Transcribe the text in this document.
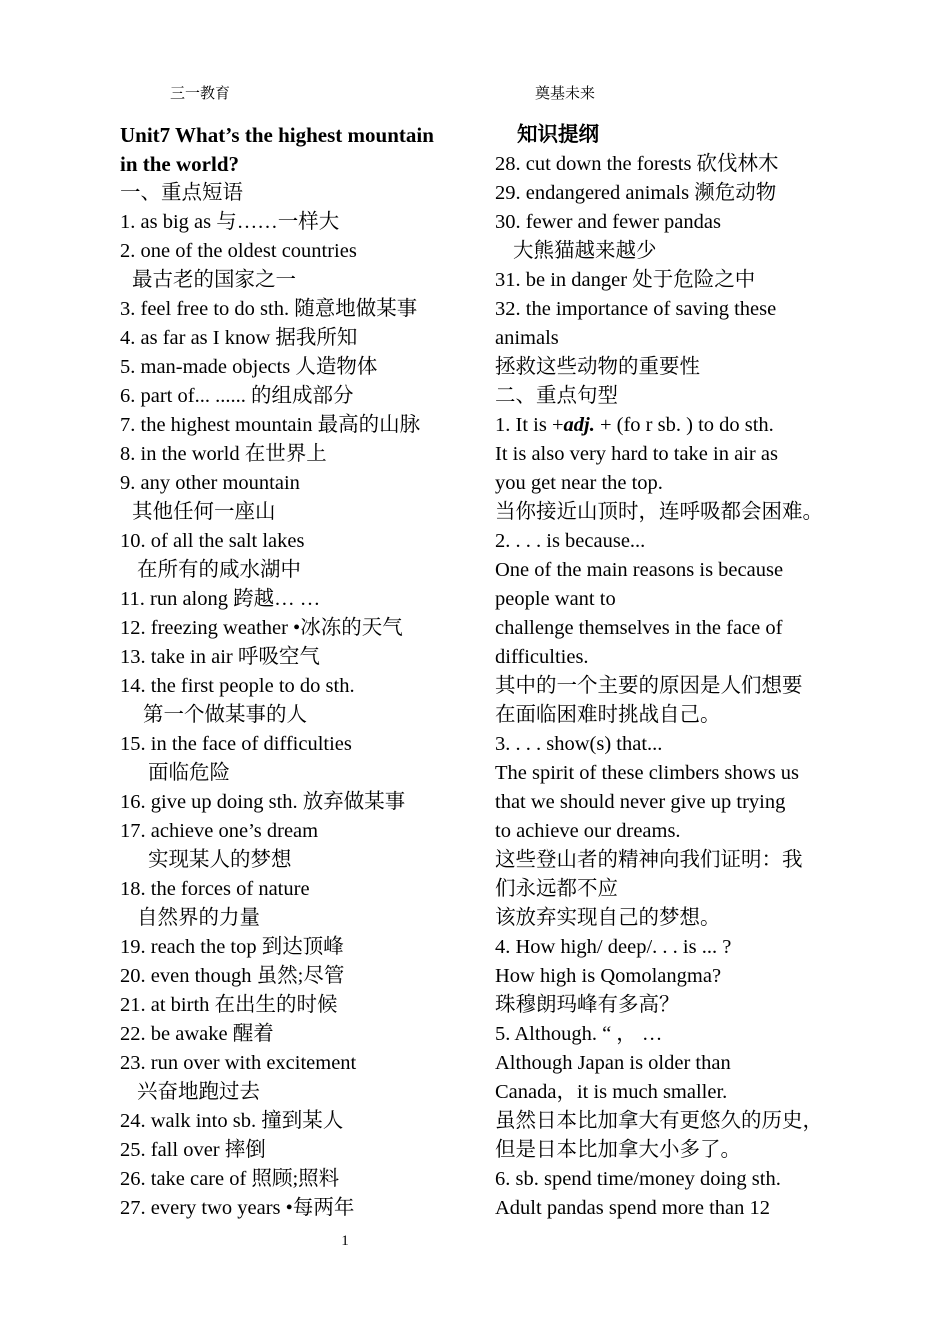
三一教育	奠基未来
Unit7 What’s the highest mountain
in the world?
一、重点短语
1. as big as 与……一样大
2. one of the oldest countries
最古老的国家之一
3. feel free to do sth. 随意地做某事
4. as far as I know 据我所知
5. man-made objects 人造物体
6. part of... ...... 的组成部分
7. the highest mountain 最高的山脉
8. in the world 在世界上
9. any other mountain
其他任何一座山
10. of all the salt lakes
在所有的咸水湖中
11. run along 跨越… …
12. freezing weather •冰冻的天气
13. take in air 呼吸空气
14. the first people to do sth.
第一个做某事的人
15. in the face of difficulties
面临危险
16. give up doing sth. 放弃做某事
17. achieve one’s dream
实现某人的梦想
18. the forces of nature
自然界的力量
19. reach the top 到达顶峰
20. even though 虽然;尽管
21. at birth 在出生的时候
22. be awake 醒着
23. run over with excitement
兴奋地跑过去
24. walk into sb. 撞到某人
25. fall over 摔倒
26. take care of 照顾;照料
27. every two years •每两年
知识提纲
28. cut down the forests 砍伐林木
29. endangered animals 濒危动物
30. fewer and fewer pandas
大熊猫越来越少
31. be in danger 处于危险之中
32. the importance of saving these
animals
拯救这些动物的重要性
二、重点句型
1. It is +adj. + (fo r sb. ) to do sth.
It is also very hard to take in air as
you get near the top.
当你接近山顶时，连呼吸都会困难。
2. . . . is because...
One of the main reasons is because
people want to
challenge themselves in the face of
difficulties.
其中的一个主要的原因是人们想要
在面临困难时挑战自己。
3. . . . show(s) that...
The spirit of these climbers shows us
that we should never give up trying
to achieve our dreams.
这些登山者的精神向我们证明：我
们永远都不应
该放弃实现自己的梦想。
4. How high/ deep/. . . is ... ?
How high is Qomolangma?
珠穆朗玛峰有多高？
5. Although. “ ， …
Although Japan is older than
Canada，it is much smaller.
虽然日本比加拿大有更悠久的历史，
但是日本比加拿大小多了。
6. sb. spend time/money doing sth.
Adult pandas spend more than 12
1
